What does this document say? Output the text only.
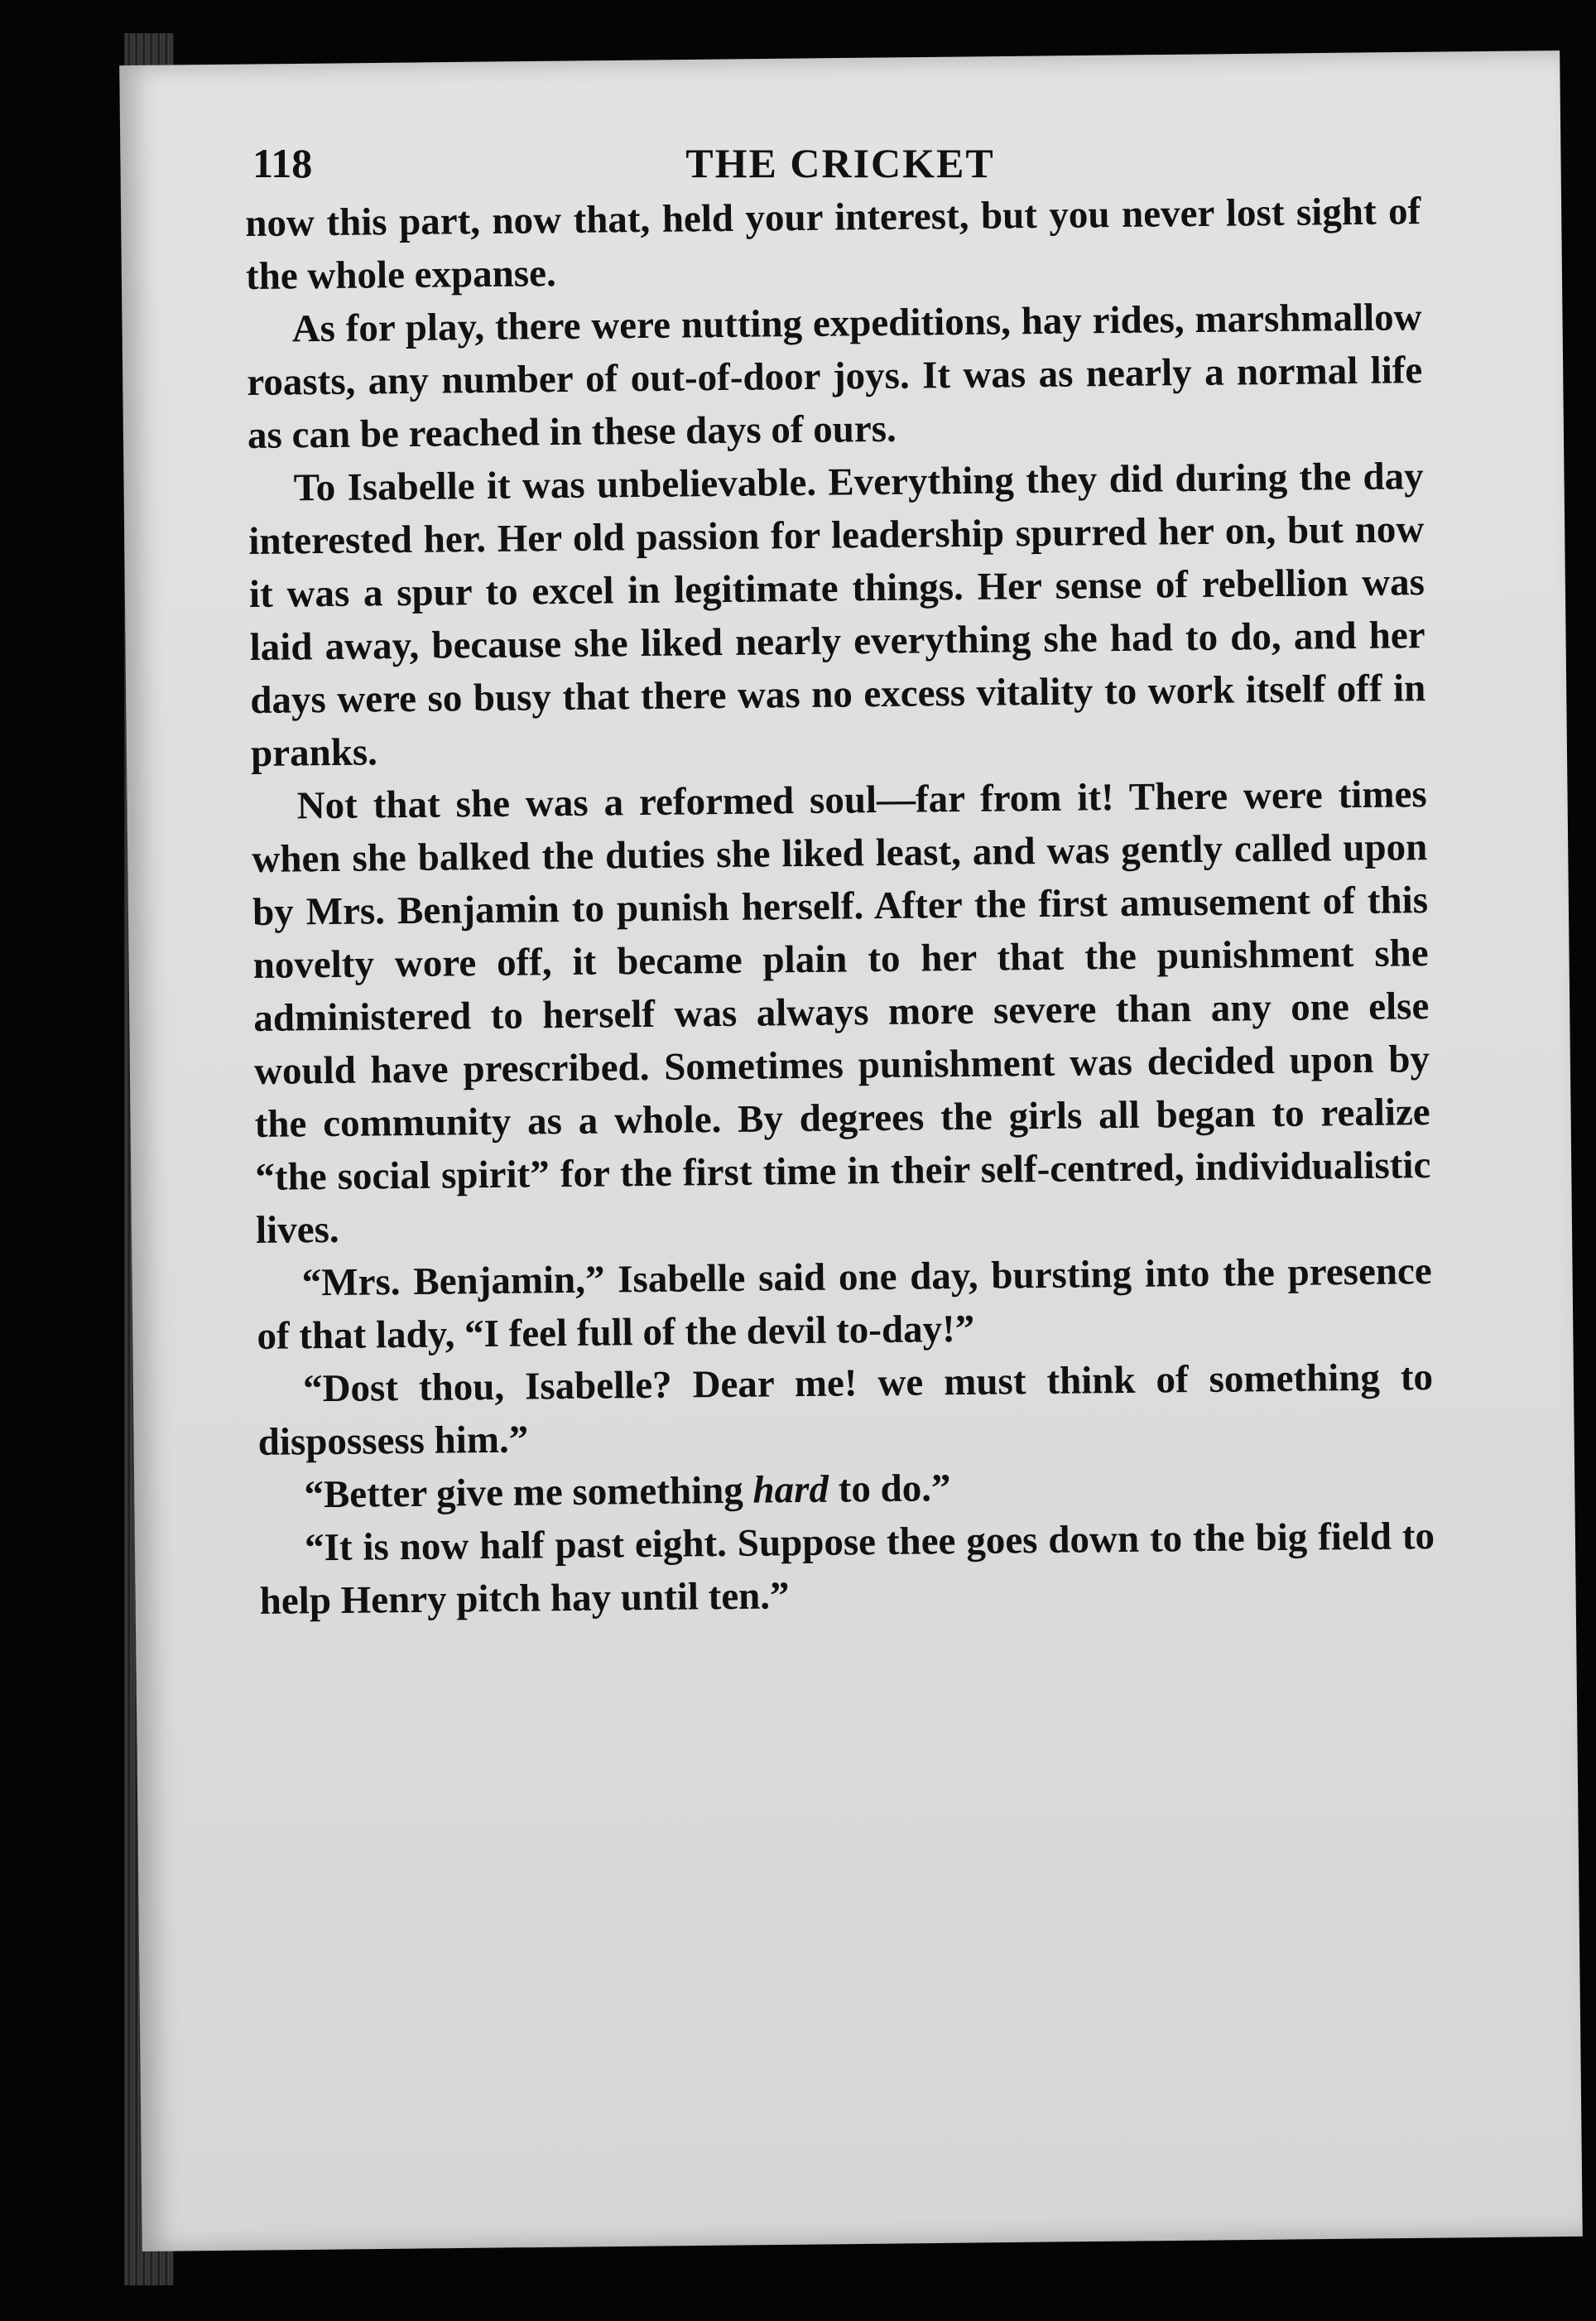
118	THE CRICKET

now this part, now that, held your interest, but you never lost sight of the whole expanse.

As for play, there were nutting expeditions, hay rides, marshmallow roasts, any number of out-of-door joys. It was as nearly a normal life as can be reached in these days of ours.

To Isabelle it was unbelievable. Everything they did during the day interested her. Her old passion for leadership spurred her on, but now it was a spur to excel in legitimate things. Her sense of rebellion was laid away, because she liked nearly everything she had to do, and her days were so busy that there was no excess vitality to work itself off in pranks.

Not that she was a reformed soul—far from it! There were times when she balked the duties she liked least, and was gently called upon by Mrs. Benjamin to punish herself. After the first amusement of this novelty wore off, it became plain to her that the punishment she administered to herself was always more severe than any one else would have prescribed. Sometimes punishment was decided upon by the community as a whole. By degrees the girls all began to realize “the social spirit” for the first time in their self-centred, individualistic lives.

“Mrs. Benjamin,” Isabelle said one day, bursting into the presence of that lady, “I feel full of the devil to-day!”

“Dost thou, Isabelle? Dear me! we must think of something to dispossess him.”

“Better give me something hard to do.”

“It is now half past eight. Suppose thee goes down to the big field to help Henry pitch hay until ten.”
